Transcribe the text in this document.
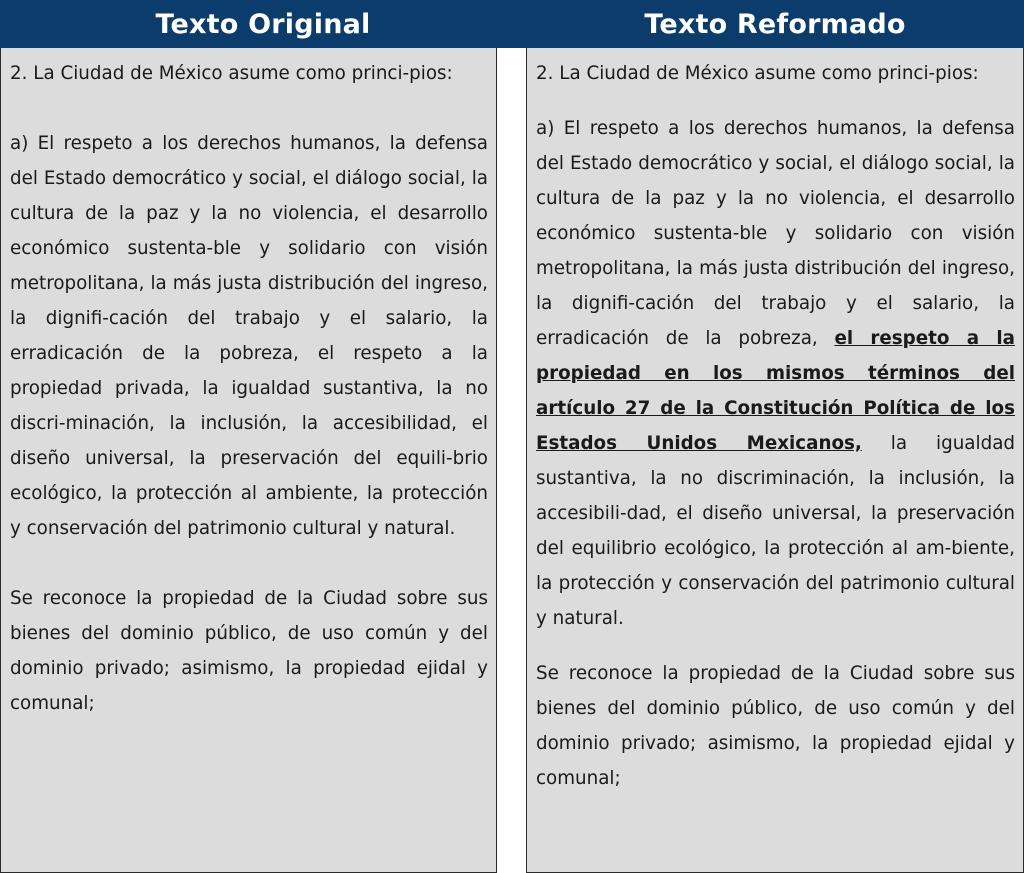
Texto Original

2. La Ciudad de México asume como princi-pios:

a) El respeto a los derechos humanos, la defensa del Estado democrático y social, el diálogo social, la cultura de la paz y la no violencia, el desarrollo económico sustenta-ble y solidario con visión metropolitana, la más justa distribución del ingreso, la dignifi-cación del trabajo y el salario, la erradicación de la pobreza, el respeto a la propiedad privada, la igualdad sustantiva, la no discri-minación, la inclusión, la accesibilidad, el diseño universal, la preservación del equili-brio ecológico, la protección al ambiente, la protección y conservación del patrimonio cultural y natural.

Se reconoce la propiedad de la Ciudad sobre sus bienes del dominio público, de uso común y del dominio privado; asimismo, la propiedad ejidal y comunal;

Texto Reformado

2. La Ciudad de México asume como princi-pios:

a) El respeto a los derechos humanos, la defensa del Estado democrático y social, el diálogo social, la cultura de la paz y la no violencia, el desarrollo económico sustenta-ble y solidario con visión metropolitana, la más justa distribución del ingreso, la dignifi-cación del trabajo y el salario, la erradicación de la pobreza, el respeto a la propiedad en los mismos términos del artículo 27 de la Constitución Política de los Estados Unidos Mexicanos, la igualdad sustantiva, la no discriminación, la inclusión, la accesibili-dad, el diseño universal, la preservación del equilibrio ecológico, la protección al am-biente, la protección y conservación del patrimonio cultural y natural.

Se reconoce la propiedad de la Ciudad sobre sus bienes del dominio público, de uso común y del dominio privado; asimismo, la propiedad ejidal y comunal;
